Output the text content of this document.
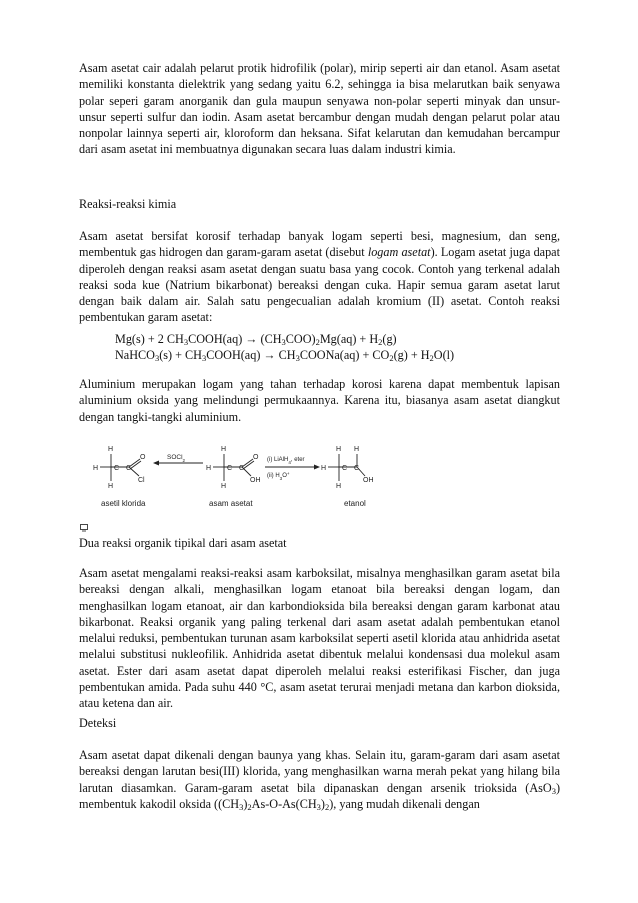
Asam asetat cair adalah pelarut protik hidrofilik (polar), mirip seperti air dan etanol. Asam asetat memiliki konstanta dielektrik yang sedang yaitu 6.2, sehingga ia bisa melarutkan baik senyawa polar seperi garam anorganik dan gula maupun senyawa non-polar seperti minyak dan unsur-unsur seperti sulfur dan iodin. Asam asetat bercambur dengan mudah dengan pelarut polar atau nonpolar lainnya seperti air, kloroform dan heksana. Sifat kelarutan dan kemudahan bercampur dari asam asetat ini membuatnya digunakan secara luas dalam industri kimia.

Reaksi-reaksi kimia

Asam asetat bersifat korosif terhadap banyak logam seperti besi, magnesium, dan seng, membentuk gas hidrogen dan garam-garam asetat (disebut logam asetat). Logam asetat juga dapat diperoleh dengan reaksi asam asetat dengan suatu basa yang cocok. Contoh yang terkenal adalah reaksi soda kue (Natrium bikarbonat) bereaksi dengan cuka. Hapir semua garam asetat larut dengan baik dalam air. Salah satu pengecualian adalah kromium (II) asetat. Contoh reaksi pembentukan garam asetat:

Mg(s) + 2 $CH_3COOH(aq) \to (CH_3COO)_2Mg(aq) + H_2(g)$

NaHCO$_3$(s) + $CH_3COOH(aq)$ → $CH_3COONa(aq) + CO_2(g) + H_2O(l)$

Aluminium merupakan logam yang tahan terhadap korosi karena dapat membentuk lapisan aluminium oksida yang melindungi permukaannya. Karena itu, biasanya asam asetat diangkut dengan tangki-tangki aluminium.

H
H
H
C C
O
Cl
asetil klorida
SOCl$_2$
H
H
H
C C
O
OH
asam asetat
(i) LiAlH$_4$, eter
(ii) $H_3O^+$
H
H
H
C C
H
OH
etanol

Dua reaksi organik tipikal dari asam asetat

Asam asetat mengalami reaksi-reaksi asam karboksilat, misalnya menghasilkan garam asetat bila bereaksi dengan alkali, menghasilkan logam etanoat bila bereaksi dengan logam, dan menghasilkan logam etanoat, air dan karbondioksida bila bereaksi dengan garam karbonat atau bikarbonat. Reaksi organik yang paling terkenal dari asam asetat adalah pembentukan etanol melalui reduksi, pembentukan turunan asam karboksilat seperti asetil klorida atau anhidrida asetat melalui substitusi nukleofilik. Anhidrida asetat dibentuk melalui kondensasi dua molekul asam asetat. Ester dari asam asetat dapat diperoleh melalui reaksi esterifikasi Fischer, dan juga pembentukan amida. Pada suhu 440 °C, asam asetat terurai menjadi metana dan karbon dioksida, atau ketena dan air.

Deteksi

Asam asetat dapat dikenali dengan baunya yang khas. Selain itu, garam-garam dari asam asetat bereaksi dengan larutan besi(III) klorida, yang menghasilkan warna merah pekat yang hilang bila larutan diasamkan. Garam-garam asetat bila dipanaskan dengan arsenik trioksida (AsO$_3$) membentuk kakodil oksida $((CH_3)_2As-O-As(CH_3)_2)$, yang mudah dikenali dengan
